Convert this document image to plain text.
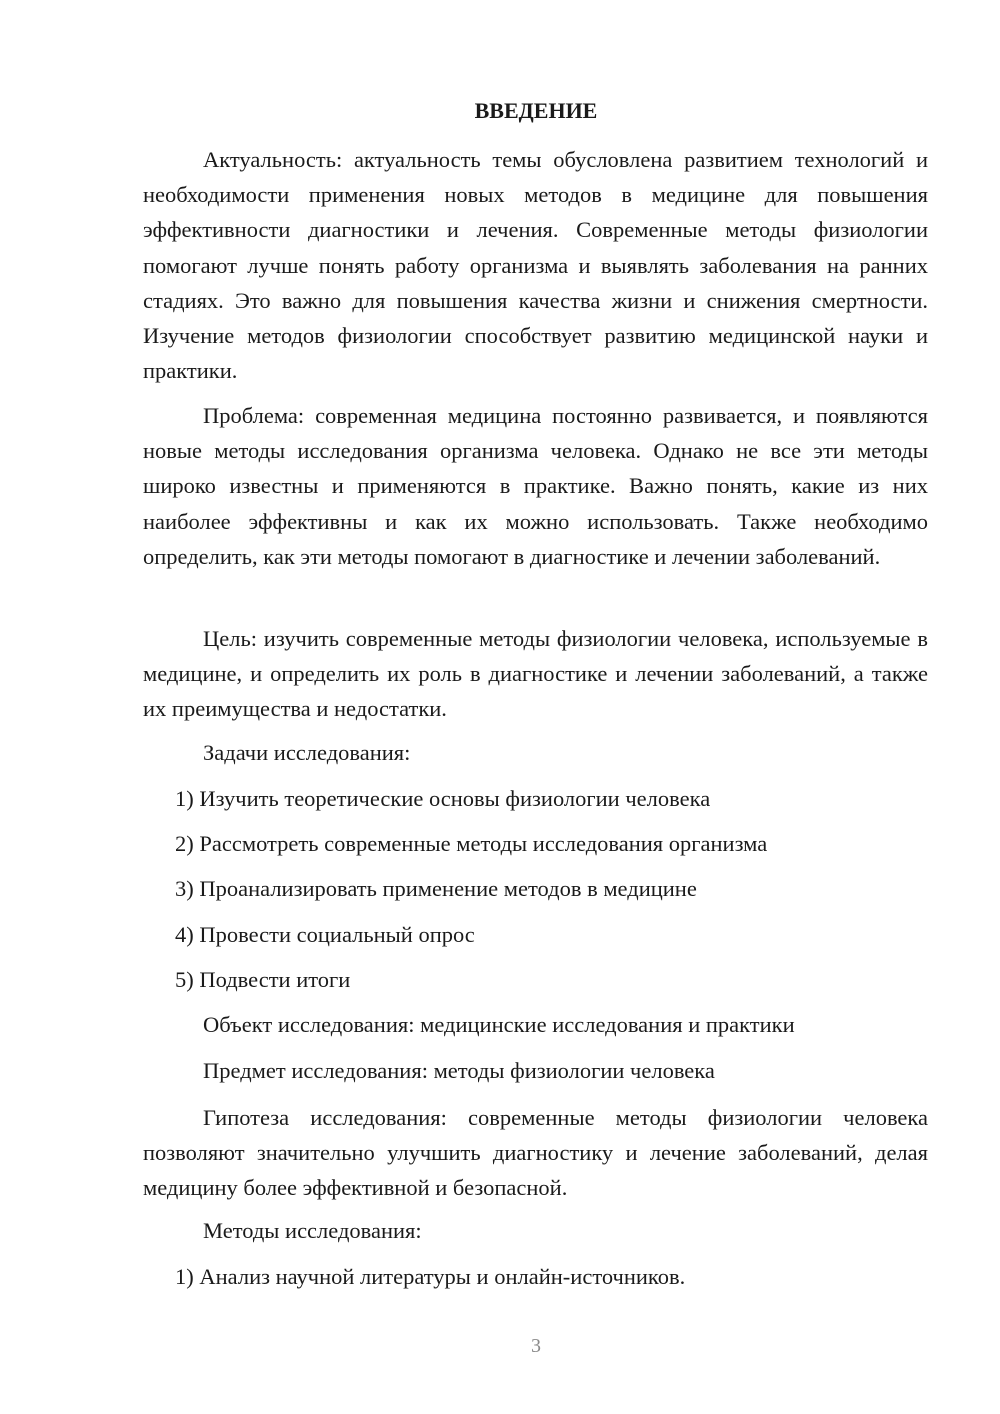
ВВЕДЕНИЕ

Актуальность: актуальность темы обусловлена развитием технологий и необходимости применения новых методов в медицине для повышения эффективности диагностики и лечения. Современные методы физиологии помогают лучше понять работу организма и выявлять заболевания на ранних стадиях. Это важно для повышения качества жизни и снижения смертности. Изучение методов физиологии способствует развитию медицинской науки и практики.

Проблема: современная медицина постоянно развивается, и появляются новые методы исследования организма человека. Однако не все эти методы широко известны и применяются в практике. Важно понять, какие из них наиболее эффективны и как их можно использовать. Также необходимо определить, как эти методы помогают в диагностике и лечении заболеваний.

Цель: изучить современные методы физиологии человека, используемые в медицине, и определить их роль в диагностике и лечении заболеваний, а также их преимущества и недостатки.

Задачи исследования:

1) Изучить теоретические основы физиологии человека

2) Рассмотреть современные методы исследования организма

3) Проанализировать применение методов в медицине

4) Провести социальный опрос

5) Подвести итоги

Объект исследования: медицинские исследования и практики

Предмет исследования: методы физиологии человека

Гипотеза исследования: современные методы физиологии человека позволяют значительно улучшить диагностику и лечение заболеваний, делая медицину более эффективной и безопасной.

Методы исследования:

1) Анализ научной литературы и онлайн-источников.

3
